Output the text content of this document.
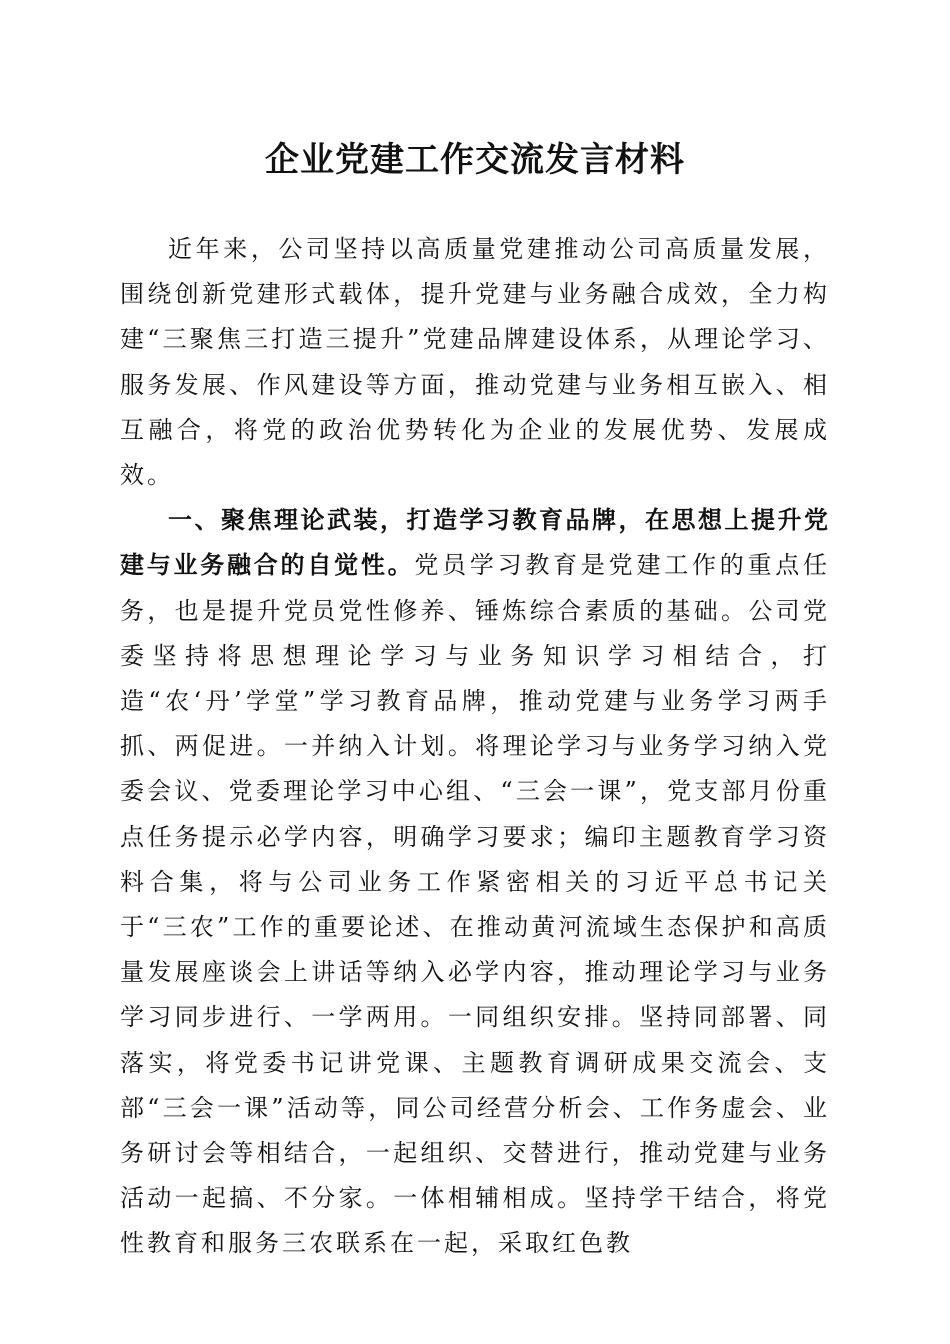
企业党建工作交流发言材料

近年来，公司坚持以高质量党建推动公司高质量发展，围绕创新党建形式载体，提升党建与业务融合成效，全力构建“三聚焦三打造三提升”党建品牌建设体系，从理论学习、服务发展、作风建设等方面，推动党建与业务相互嵌入、相互融合，将党的政治优势转化为企业的发展优势、发展成效。

一、聚焦理论武装，打造学习教育品牌，在思想上提升党建与业务融合的自觉性。党员学习教育是党建工作的重点任务，也是提升党员党性修养、锤炼综合素质的基础。公司党委坚持将思想理论学习与业务知识学习相结合，打造“农‘丹’学堂”学习教育品牌，推动党建与业务学习两手抓、两促进。一并纳入计划。将理论学习与业务学习纳入党委会议、党委理论学习中心组、“三会一课”，党支部月份重点任务提示必学内容，明确学习要求；编印主题教育学习资料合集，将与公司业务工作紧密相关的习近平总书记关于“三农”工作的重要论述、在推动黄河流域生态保护和高质量发展座谈会上讲话等纳入必学内容，推动理论学习与业务学习同步进行、一学两用。一同组织安排。坚持同部署、同落实，将党委书记讲党课、主题教育调研成果交流会、支部“三会一课”活动等，同公司经营分析会、工作务虚会、业务研讨会等相结合，一起组织、交替进行，推动党建与业务活动一起搞、不分家。一体相辅相成。坚持学干结合，将党性教育和服务三农联系在一起，采取红色教
